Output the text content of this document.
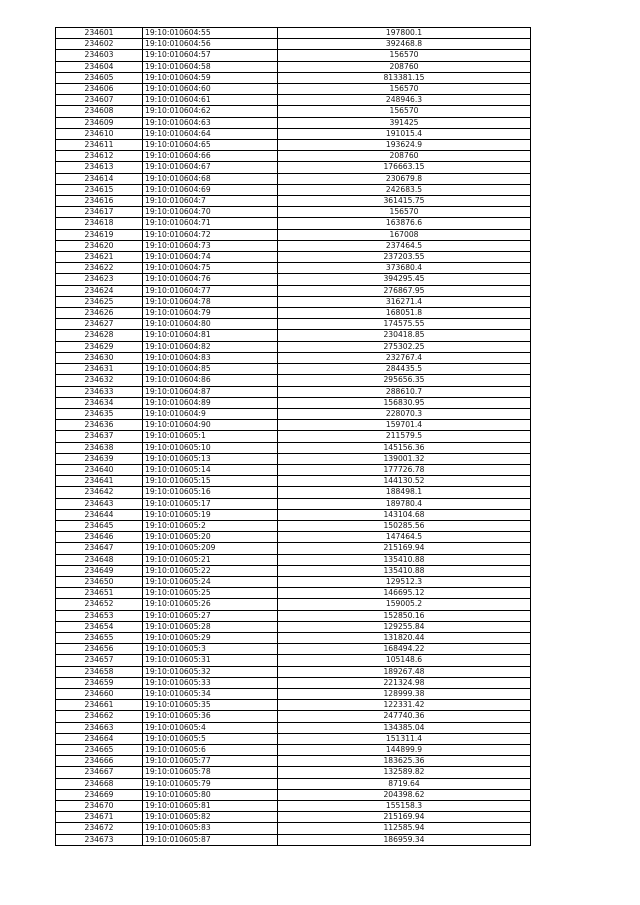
234601	19:10:010604:55	197800.1
234602	19:10:010604:56	392468.8
234603	19:10:010604:57	156570
234604	19:10:010604:58	208760
234605	19:10:010604:59	813381.15
234606	19:10:010604:60	156570
234607	19:10:010604:61	248946.3
234608	19:10:010604:62	156570
234609	19:10:010604:63	391425
234610	19:10:010604:64	191015.4
234611	19:10:010604:65	193624.9
234612	19:10:010604:66	208760
234613	19:10:010604:67	176663.15
234614	19:10:010604:68	230679.8
234615	19:10:010604:69	242683.5
234616	19:10:010604:7	361415.75
234617	19:10:010604:70	156570
234618	19:10:010604:71	163876.6
234619	19:10:010604:72	167008
234620	19:10:010604:73	237464.5
234621	19:10:010604:74	237203.55
234622	19:10:010604:75	373680.4
234623	19:10:010604:76	394295.45
234624	19:10:010604:77	276867.95
234625	19:10:010604:78	316271.4
234626	19:10:010604:79	168051.8
234627	19:10:010604:80	174575.55
234628	19:10:010604:81	230418.85
234629	19:10:010604:82	275302.25
234630	19:10:010604:83	232767.4
234631	19:10:010604:85	284435.5
234632	19:10:010604:86	295656.35
234633	19:10:010604:87	288610.7
234634	19:10:010604:89	156830.95
234635	19:10:010604:9	228070.3
234636	19:10:010604:90	159701.4
234637	19:10:010605:1	211579.5
234638	19:10:010605:10	145156.36
234639	19:10:010605:13	139001.32
234640	19:10:010605:14	177726.78
234641	19:10:010605:15	144130.52
234642	19:10:010605:16	188498.1
234643	19:10:010605:17	189780.4
234644	19:10:010605:19	143104.68
234645	19:10:010605:2	150285.56
234646	19:10:010605:20	147464.5
234647	19:10:010605:209	215169.94
234648	19:10:010605:21	135410.88
234649	19:10:010605:22	135410.88
234650	19:10:010605:24	129512.3
234651	19:10:010605:25	146695.12
234652	19:10:010605:26	159005.2
234653	19:10:010605:27	152850.16
234654	19:10:010605:28	129255.84
234655	19:10:010605:29	131820.44
234656	19:10:010605:3	168494.22
234657	19:10:010605:31	105148.6
234658	19:10:010605:32	189267.48
234659	19:10:010605:33	221324.98
234660	19:10:010605:34	128999.38
234661	19:10:010605:35	122331.42
234662	19:10:010605:36	247740.36
234663	19:10:010605:4	134385.04
234664	19:10:010605:5	151311.4
234665	19:10:010605:6	144899.9
234666	19:10:010605:77	183625.36
234667	19:10:010605:78	132589.82
234668	19:10:010605:79	8719.64
234669	19:10:010605:80	204398.62
234670	19:10:010605:81	155158.3
234671	19:10:010605:82	215169.94
234672	19:10:010605:83	112585.94
234673	19:10:010605:87	186959.34
